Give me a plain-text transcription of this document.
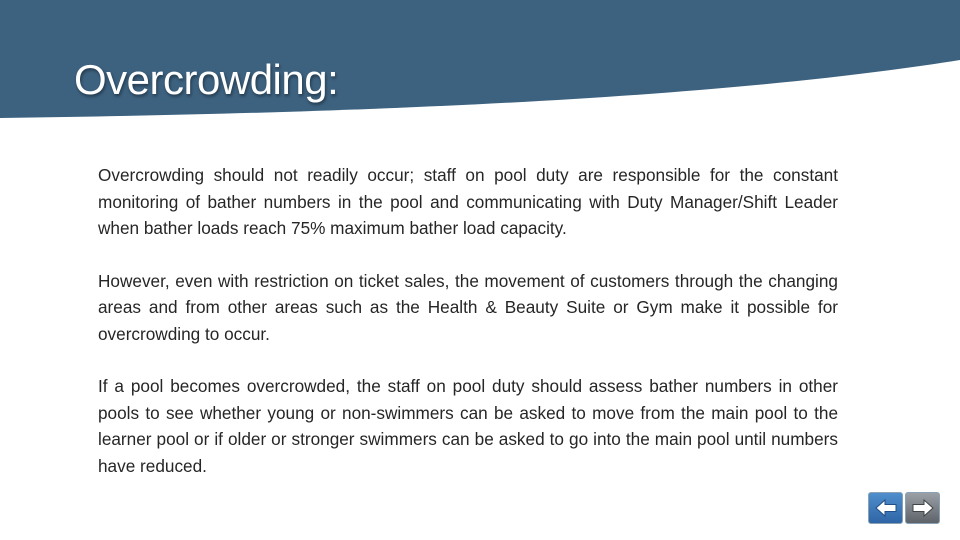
Overcrowding:

Overcrowding should not readily occur; staff on pool duty are responsible for the constant monitoring of bather numbers in the pool and communicating with Duty Manager/Shift Leader when bather loads reach 75% maximum bather load capacity.

However, even with restriction on ticket sales, the movement of customers through the changing areas and from other areas such as the Health & Beauty Suite or Gym make it possible for overcrowding to occur.

If a pool becomes overcrowded, the staff on pool duty should assess bather numbers in other pools to see whether young or non-swimmers can be asked to move from the main pool to the learner pool or if older or stronger swimmers can be asked to go into the main pool until numbers have reduced.
